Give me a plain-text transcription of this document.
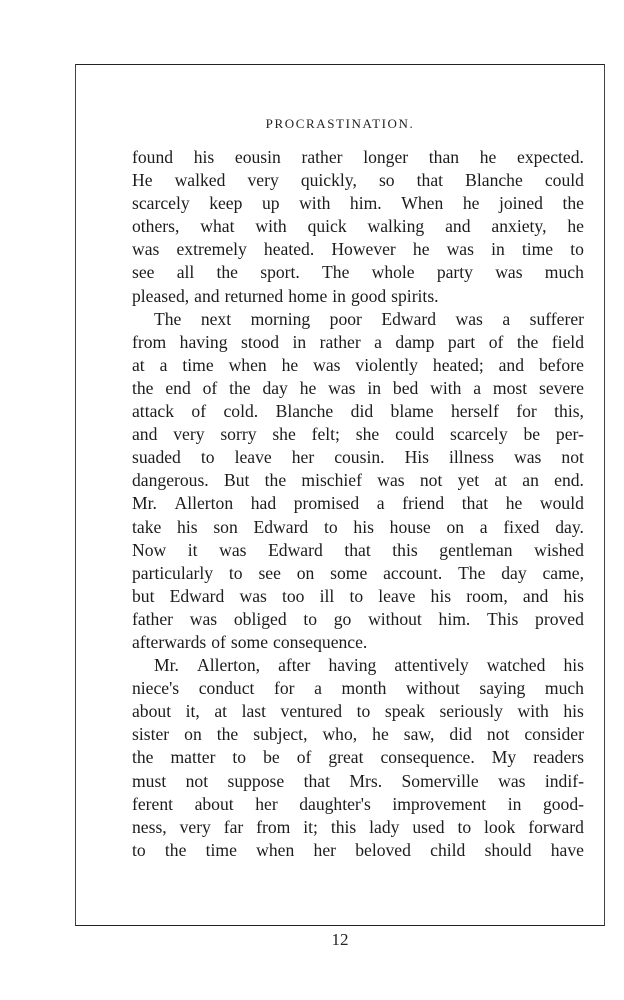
PROCRASTINATION.
found his eousin rather longer than he expected.
He walked very quickly, so that Blanche could
scarcely keep up with him. When he joined the
others, what with quick walking and anxiety, he
was extremely heated. However he was in time to
see all the sport. The whole party was much
pleased, and returned home in good spirits.
The next morning poor Edward was a sufferer
from having stood in rather a damp part of the field
at a time when he was violently heated; and before
the end of the day he was in bed with a most severe
attack of cold. Blanche did blame herself for this,
and very sorry she felt; she could scarcely be per-
suaded to leave her cousin. His illness was not
dangerous. But the mischief was not yet at an end.
Mr. Allerton had promised a friend that he would
take his son Edward to his house on a fixed day.
Now it was Edward that this gentleman wished
particularly to see on some account. The day came,
but Edward was too ill to leave his room, and his
father was obliged to go without him. This proved
afterwards of some consequence.
Mr. Allerton, after having attentively watched his
niece's conduct for a month without saying much
about it, at last ventured to speak seriously with his
sister on the subject, who, he saw, did not consider
the matter to be of great consequence. My readers
must not suppose that Mrs. Somerville was indif-
ferent about her daughter's improvement in good-
ness, very far from it; this lady used to look forward
to the time when her beloved child should have
12
